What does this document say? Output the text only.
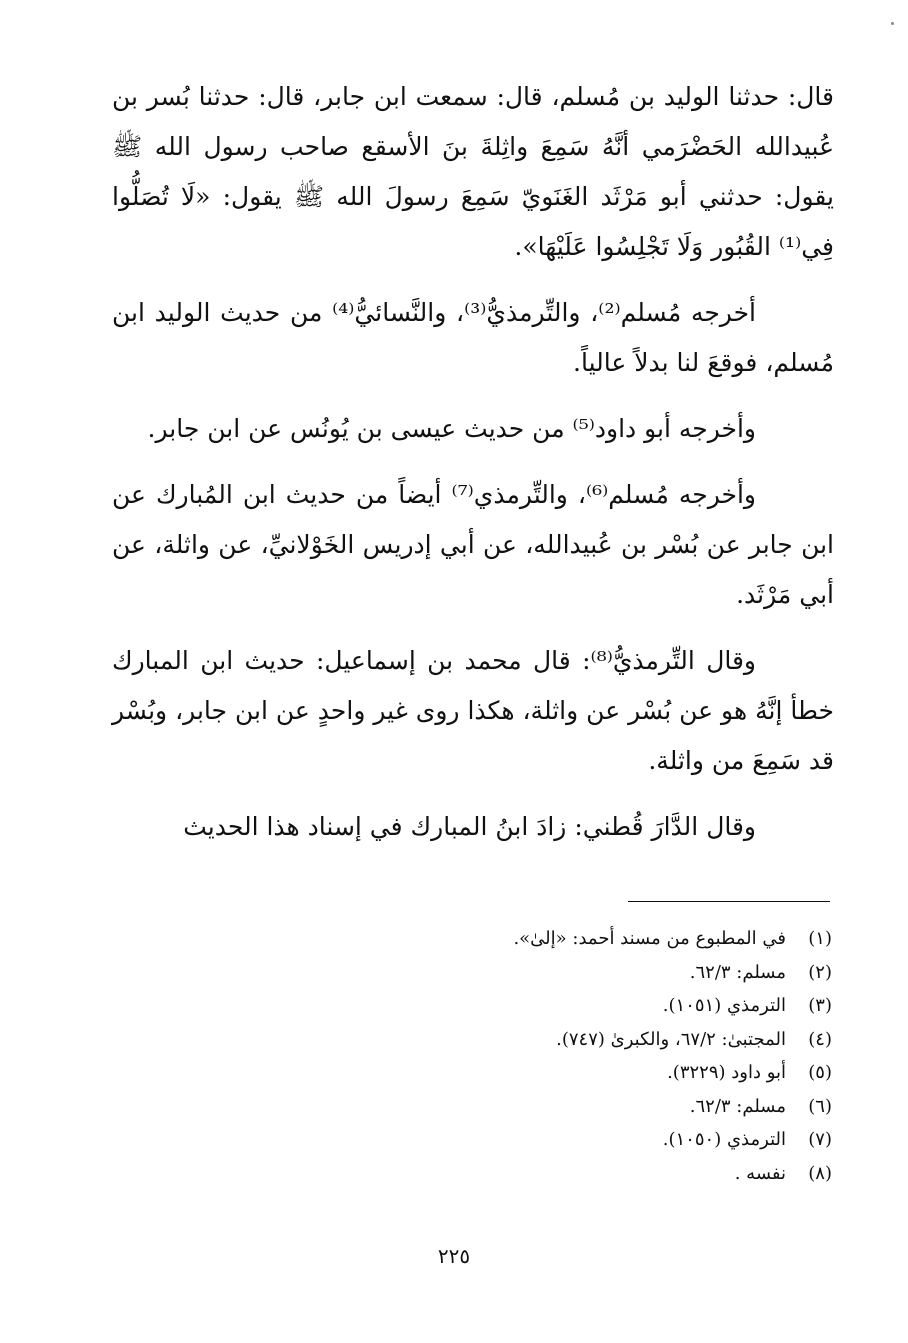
قال: حدثنا الوليد بن مُسلم، قال: سمعت ابن جابر، قال: حدثنا بُسر بن عُبيدالله الحَضْرَمي أنَّهُ سَمِعَ واثِلةَ بنَ الأسقع صاحب رسول الله ﷺ يقول: حدثني أبو مَرْثَد الغَنَويّ سَمِعَ رسولَ الله ﷺ يقول: «لَا تُصَلُّوا فِي⁽¹⁾ القُبُور وَلَا تَجْلِسُوا عَلَيْهَا».

أخرجه مُسلم⁽²⁾، والتِّرمذيُّ⁽³⁾، والنَّسائيُّ⁽⁴⁾ من حديث الوليد ابن مُسلم، فوقعَ لنا بدلاً عالياً.

وأخرجه أبو داود⁽⁵⁾ من حديث عيسى بن يُونُس عن ابن جابر.

وأخرجه مُسلم⁽⁶⁾، والتِّرمذي⁽⁷⁾ أيضاً من حديث ابن المُبارك عن ابن جابر عن بُسْر بن عُبيدالله، عن أبي إدريس الخَوْلانيِّ، عن واثلة، عن أبي مَرْثَد.

وقال التِّرمذيُّ⁽⁸⁾: قال محمد بن إسماعيل: حديث ابن المبارك خطأ إنَّهُ هو عن بُسْر عن واثلة، هكذا روى غير واحدٍ عن ابن جابر، وبُسْر قد سَمِعَ من واثلة.

وقال الدَّارَ قُطني: زادَ ابنُ المبارك في إسناد هذا الحديث

(١)
في المطبوع من مسند أحمد: «إلىٰ».
(٢)
مسلم: ٦٢/٣.
(٣)
الترمذي (١٠٥١).
(٤)
المجتبىٰ: ٦٧/٢، والكبرىٰ (٧٤٧).
(٥)
أبو داود (٣٢٢٩).
(٦)
مسلم: ٦٢/٣.
(٧)
الترمذي (١٠٥٠).
(٨)
نفسه .
٢٢٥
